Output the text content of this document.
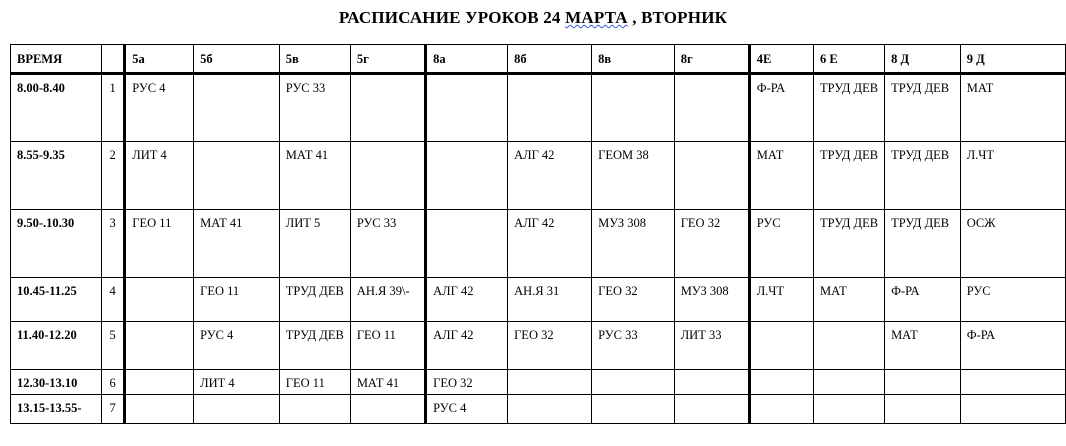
РАСПИСАНИЕ УРОКОВ 24 МАРТА , ВТОРНИК
ВРЕМЯ		5а	5б	5в	5г	8а	8б	8в	8г	4Е	6 Е	8 Д	9 Д
8.00-8.40	1	РУС 4		РУС 33						Ф-РА	ТРУД ДЕВ	ТРУД ДЕВ	МАТ
8.55-9.35	2	ЛИТ 4		МАТ 41			АЛГ 42	ГЕОМ 38		МАТ	ТРУД ДЕВ	ТРУД ДЕВ	Л.ЧТ
9.50-.10.30	3	ГЕО 11	МАТ 41	ЛИТ 5	РУС 33		АЛГ 42	МУЗ 308	ГЕО 32	РУС	ТРУД ДЕВ	ТРУД ДЕВ	ОСЖ
10.45-11.25	4		ГЕО 11	ТРУД ДЕВ	АН.Я 39\-	АЛГ 42	АН.Я 31	ГЕО 32	МУЗ 308	Л.ЧТ	МАТ	Ф-РА	РУС
11.40-12.20	5		РУС 4	ТРУД ДЕВ	ГЕО 11	АЛГ 42	ГЕО 32	РУС 33	ЛИТ 33			МАТ	Ф-РА
12.30-13.10	6		ЛИТ 4	ГЕО 11	МАТ 41	ГЕО 32							
13.15-13.55-	7					РУС 4							
